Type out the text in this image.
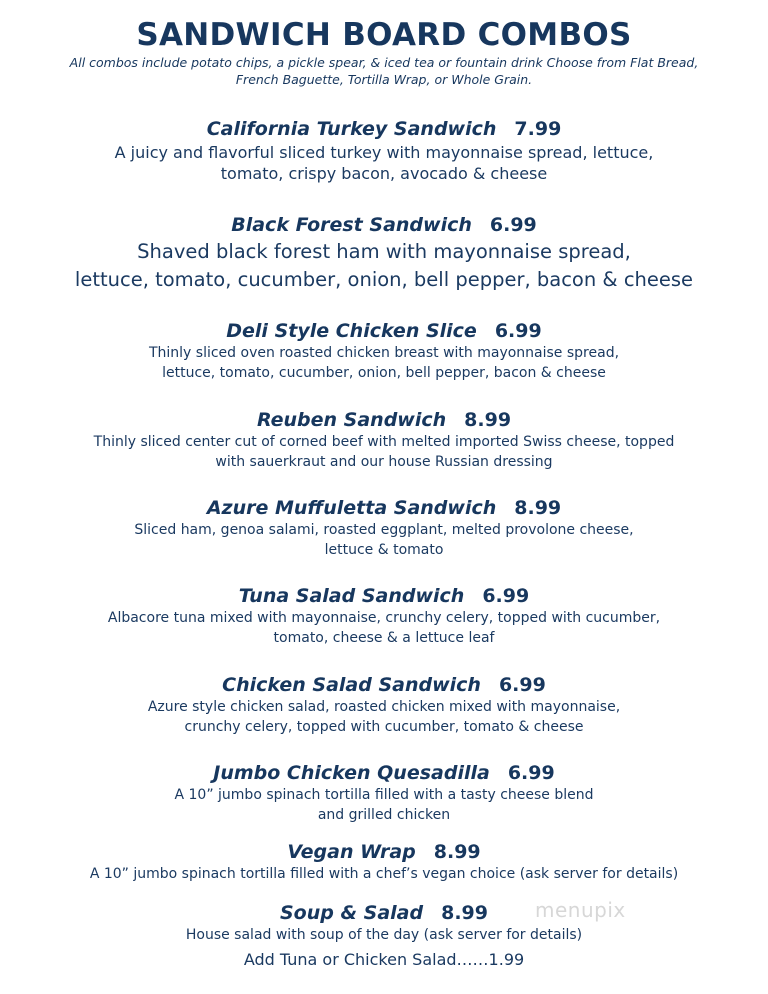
SANDWICH BOARD COMBOS
All combos include potato chips, a pickle spear, & iced tea or fountain drink Choose from Flat Bread, French Baguette, Tortilla Wrap, or Whole Grain.
California Turkey Sandwich 7.99
A juicy and flavorful sliced turkey with mayonnaise spread, lettuce,
tomato, crispy bacon, avocado & cheese
Black Forest Sandwich 6.99
Shaved black forest ham with mayonnaise spread,
lettuce, tomato, cucumber, onion, bell pepper, bacon & cheese
Deli Style Chicken Slice 6.99
Thinly sliced oven roasted chicken breast with mayonnaise spread,
lettuce, tomato, cucumber, onion, bell pepper, bacon & cheese
Reuben Sandwich 8.99
Thinly sliced center cut of corned beef with melted imported Swiss cheese, topped
with sauerkraut and our house Russian dressing
Azure Muffuletta Sandwich 8.99
Sliced ham, genoa salami, roasted eggplant, melted provolone cheese,
lettuce & tomato
Tuna Salad Sandwich 6.99
Albacore tuna mixed with mayonnaise, crunchy celery, topped with cucumber,
tomato, cheese & a lettuce leaf
Chicken Salad Sandwich 6.99
Azure style chicken salad, roasted chicken mixed with mayonnaise,
crunchy celery, topped with cucumber, tomato & cheese
Jumbo Chicken Quesadilla 6.99
A 10” jumbo spinach tortilla filled with a tasty cheese blend
and grilled chicken
Vegan Wrap 8.99
A 10” jumbo spinach tortilla filled with a chef’s vegan choice (ask server for details)
Soup & Salad 8.99
House salad with soup of the day (ask server for details)
Add Tuna or Chicken Salad……1.99
menupix
